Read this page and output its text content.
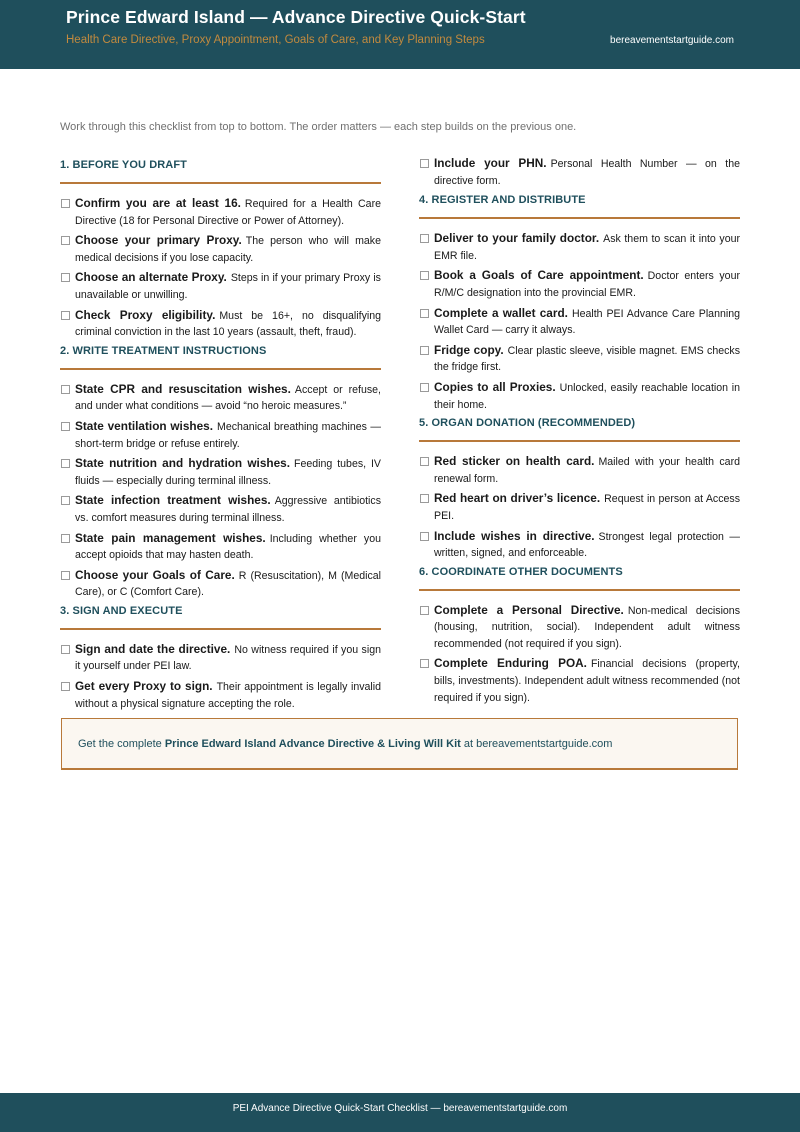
Prince Edward Island — Advance Directive Quick-Start
Health Care Directive, Proxy Appointment, Goals of Care, and Key Planning Steps	bereavementstartguide.com
Work through this checklist from top to bottom. The order matters — each step builds on the previous one.
1. BEFORE YOU DRAFT
Confirm you are at least 16. Required for a Health Care Directive (18 for Personal Directive or Power of Attorney).
Choose your primary Proxy. The person who will make medical decisions if you lose capacity.
Choose an alternate Proxy. Steps in if your primary Proxy is unavailable or unwilling.
Check Proxy eligibility. Must be 16+, no disqualifying criminal conviction in the last 10 years (assault, theft, fraud).
2. WRITE TREATMENT INSTRUCTIONS
State CPR and resuscitation wishes. Accept or refuse, and under what conditions — avoid “no heroic measures.”
State ventilation wishes. Mechanical breathing machines — short-term bridge or refuse entirely.
State nutrition and hydration wishes. Feeding tubes, IV fluids — especially during terminal illness.
State infection treatment wishes. Aggressive antibiotics vs. comfort measures during terminal illness.
State pain management wishes. Including whether you accept opioids that may hasten death.
Choose your Goals of Care. R (Resuscitation), M (Medical Care), or C (Comfort Care).
3. SIGN AND EXECUTE
Sign and date the directive. No witness required if you sign it yourself under PEI law.
Get every Proxy to sign. Their appointment is legally invalid without a physical signature accepting the role.
Include your PHN. Personal Health Number — on the directive form.
4. REGISTER AND DISTRIBUTE
Deliver to your family doctor. Ask them to scan it into your EMR file.
Book a Goals of Care appointment. Doctor enters your R/M/C designation into the provincial EMR.
Complete a wallet card. Health PEI Advance Care Planning Wallet Card — carry it always.
Fridge copy. Clear plastic sleeve, visible magnet. EMS checks the fridge first.
Copies to all Proxies. Unlocked, easily reachable location in their home.
5. ORGAN DONATION (RECOMMENDED)
Red sticker on health card. Mailed with your health card renewal form.
Red heart on driver’s licence. Request in person at Access PEI.
Include wishes in directive. Strongest legal protection — written, signed, and enforceable.
6. COORDINATE OTHER DOCUMENTS
Complete a Personal Directive. Non-medical decisions (housing, nutrition, social). Independent adult witness recommended (not required if you sign).
Complete Enduring POA. Financial decisions (property, bills, investments). Independent adult witness recommended (not required if you sign).
Get the complete Prince Edward Island Advance Directive & Living Will Kit at bereavementstartguide.com
PEI Advance Directive Quick-Start Checklist — bereavementstartguide.com
